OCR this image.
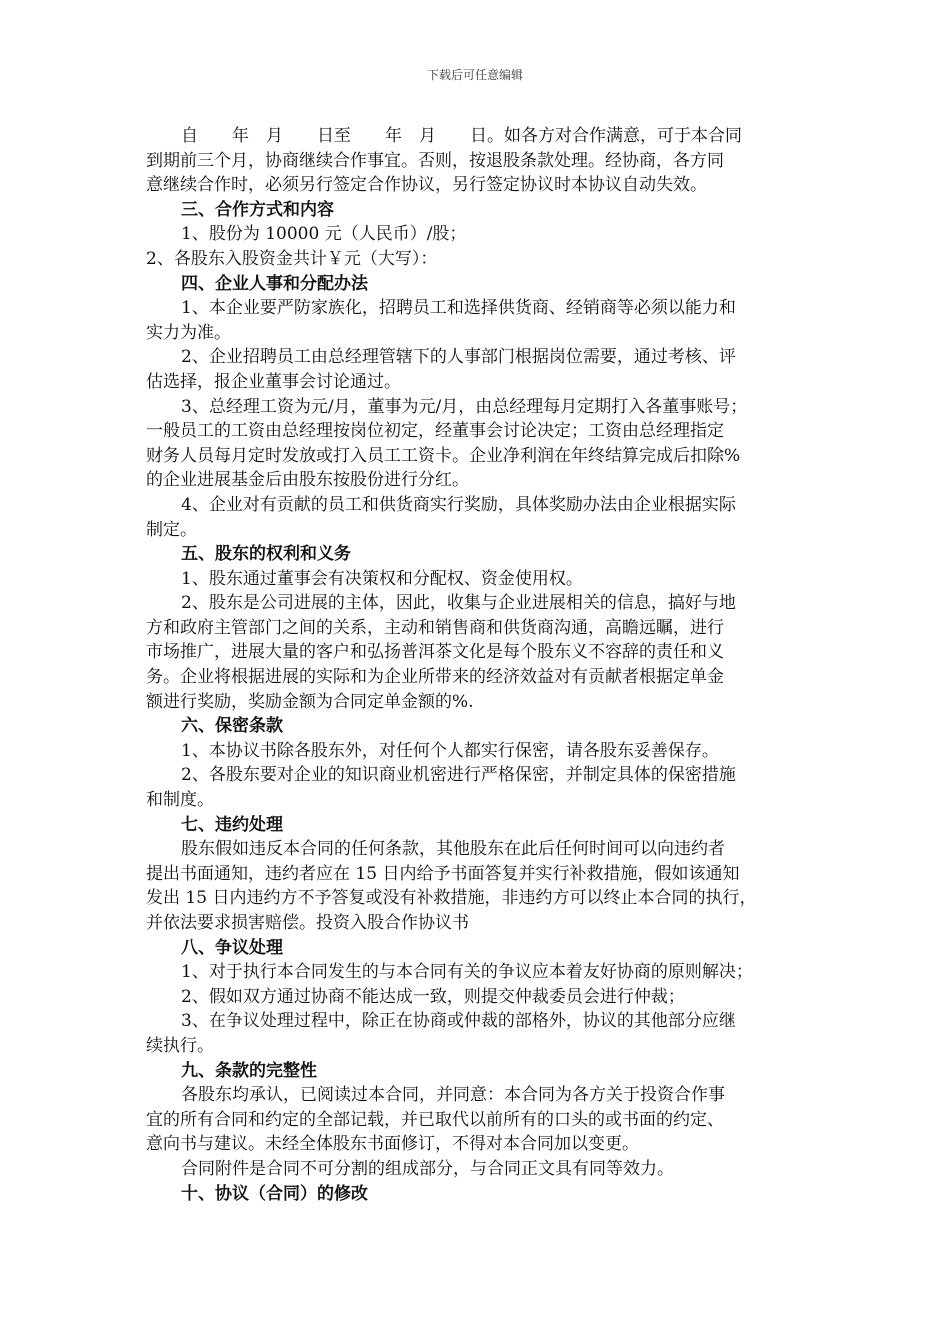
下载后可任意编辑
自　　年　月　　日至　　年　月　　日。如各方对合作满意，可于本合同
到期前三个月，协商继续合作事宜。否则，按退股条款处理。经协商，各方同
意继续合作时，必须另行签定合作协议，另行签定协议时本协议自动失效。
三、合作方式和内容
1、股份为 10000 元（人民币）/股；
2、各股东入股资金共计￥元（大写）：
四、企业人事和分配办法
1、本企业要严防家族化，招聘员工和选择供货商、经销商等必须以能力和
实力为准。
2、企业招聘员工由总经理管辖下的人事部门根据岗位需要，通过考核、评
估选择，报企业董事会讨论通过。
3、总经理工资为元/月，董事为元/月，由总经理每月定期打入各董事账号；
一般员工的工资由总经理按岗位初定，经董事会讨论决定；工资由总经理指定
财务人员每月定时发放或打入员工工资卡。企业净利润在年终结算完成后扣除%
的企业进展基金后由股东按股份进行分红。
4、企业对有贡献的员工和供货商实行奖励，具体奖励办法由企业根据实际
制定。
五、股东的权利和义务
1、股东通过董事会有决策权和分配权、资金使用权。
2、股东是公司进展的主体，因此，收集与企业进展相关的信息，搞好与地
方和政府主管部门之间的关系，主动和销售商和供货商沟通，高瞻远瞩，进行
市场推广，进展大量的客户和弘扬普洱茶文化是每个股东义不容辞的责任和义
务。企业将根据进展的实际和为企业所带来的经济效益对有贡献者根据定单金
额进行奖励，奖励金额为合同定单金额的%.
六、保密条款
1、本协议书除各股东外，对任何个人都实行保密，请各股东妥善保存。
2、各股东要对企业的知识商业机密进行严格保密，并制定具体的保密措施
和制度。
七、违约处理
股东假如违反本合同的任何条款，其他股东在此后任何时间可以向违约者
提出书面通知，违约者应在 15 日内给予书面答复并实行补救措施，假如该通知
发出 15 日内违约方不予答复或没有补救措施，非违约方可以终止本合同的执行，
并依法要求损害赔偿。投资入股合作协议书
八、争议处理
1、对于执行本合同发生的与本合同有关的争议应本着友好协商的原则解决；
2、假如双方通过协商不能达成一致，则提交仲裁委员会进行仲裁；
3、在争议处理过程中，除正在协商或仲裁的部格外，协议的其他部分应继
续执行。
九、条款的完整性
各股东均承认，已阅读过本合同，并同意：本合同为各方关于投资合作事
宜的所有合同和约定的全部记载，并已取代以前所有的口头的或书面的约定、
意向书与建议。未经全体股东书面修订，不得对本合同加以变更。
合同附件是合同不可分割的组成部分，与合同正文具有同等效力。
十、协议（合同）的修改
